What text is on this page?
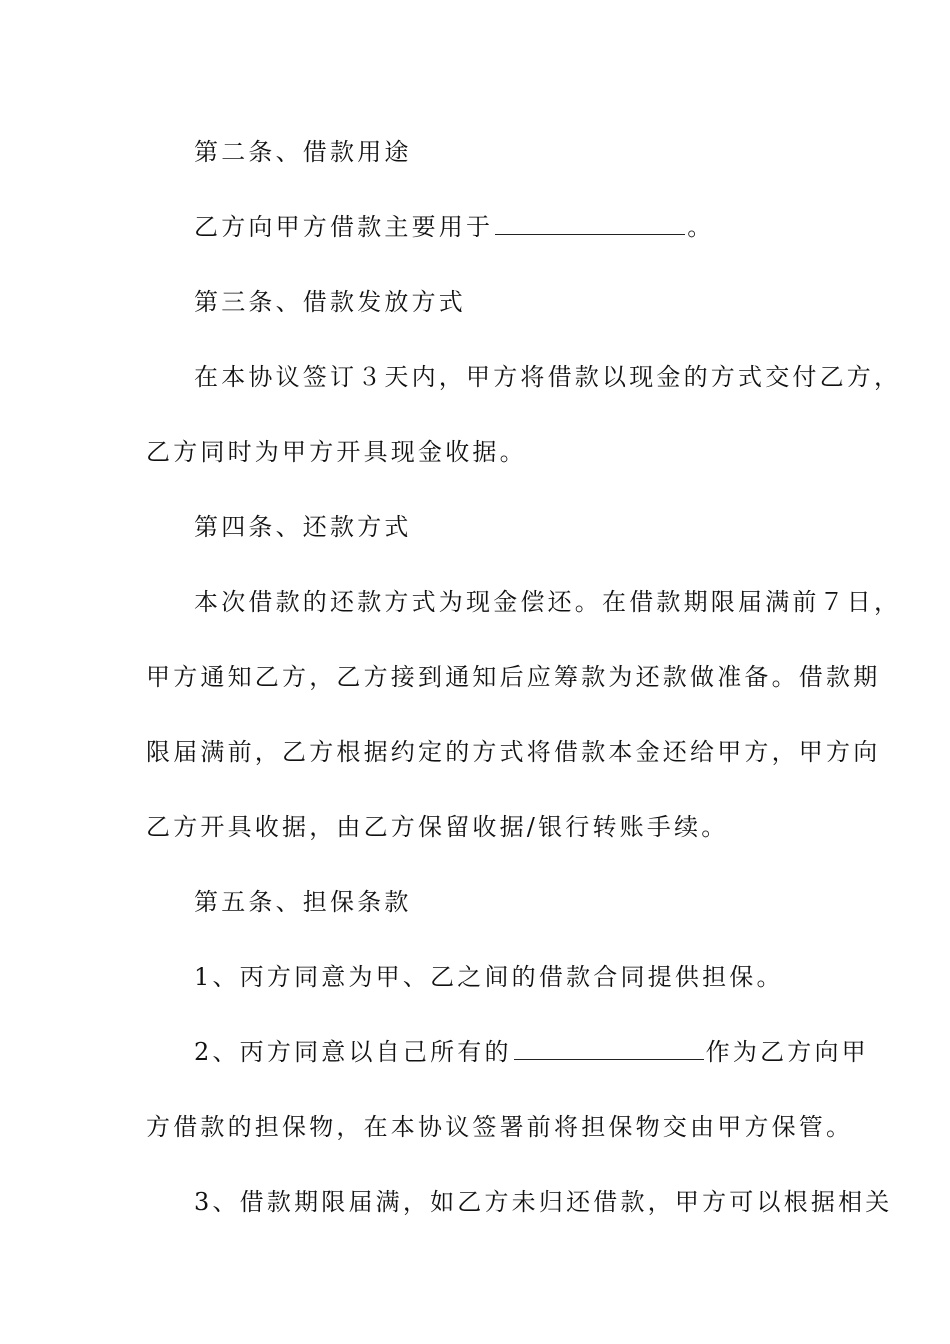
第二条、借款用途
乙方向甲方借款主要用于	。
第三条、借款发放方式
在本协议签订３天内，甲方将借款以现金的方式交付乙方，
乙方同时为甲方开具现金收据。
第四条、还款方式
本次借款的还款方式为现金偿还。在借款期限届满前７日，
甲方通知乙方，乙方接到通知后应筹款为还款做准备。借款期
限届满前，乙方根据约定的方式将借款本金还给甲方，甲方向
乙方开具收据，由乙方保留收据/银行转账手续。
第五条、担保条款
1、丙方同意为甲、乙之间的借款合同提供担保。
2、丙方同意以自己所有的	作为乙方向甲
方借款的担保物，在本协议签署前将担保物交由甲方保管。
3、借款期限届满，如乙方未归还借款，甲方可以根据相关
